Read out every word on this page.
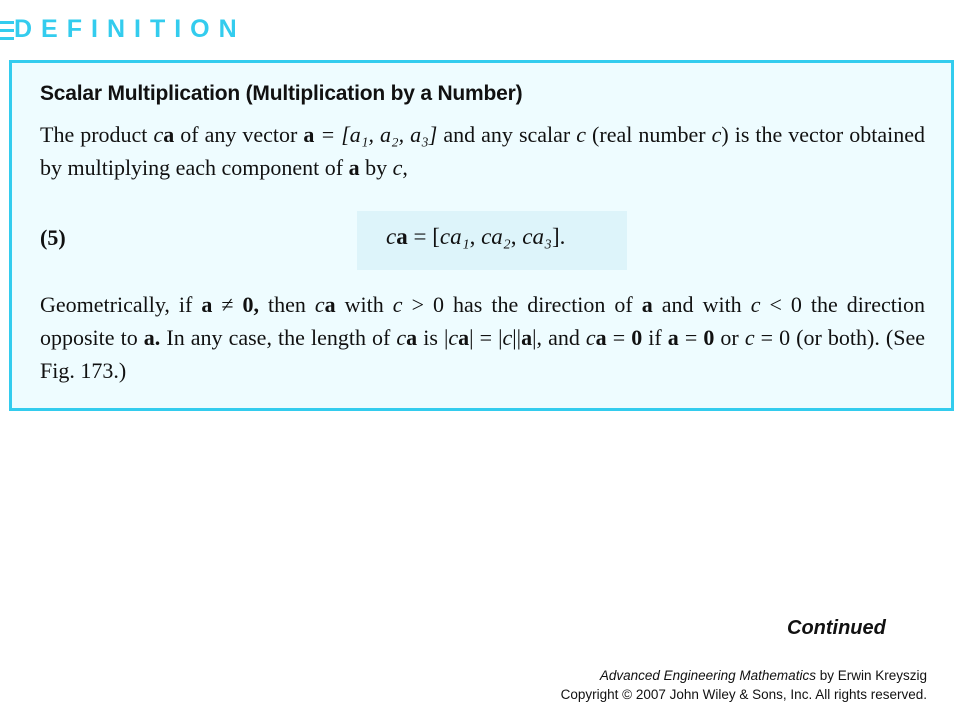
DEFINITION
Scalar Multiplication (Multiplication by a Number)
The product ca of any vector a = [a₁, a₂, a₃] and any scalar c (real number c) is the vector obtained by multiplying each component of a by c,
(5)	ca = [ca₁, ca₂, ca₃].
Geometrically, if a ≠ 0, then ca with c > 0 has the direction of a and with c < 0 the direction opposite to a. In any case, the length of ca is |ca| = |c||a|, and ca = 0 if a = 0 or c = 0 (or both). (See Fig. 173.)
Continued
Advanced Engineering Mathematics by Erwin Kreyszig
Copyright © 2007 John Wiley & Sons, Inc. All rights reserved.
